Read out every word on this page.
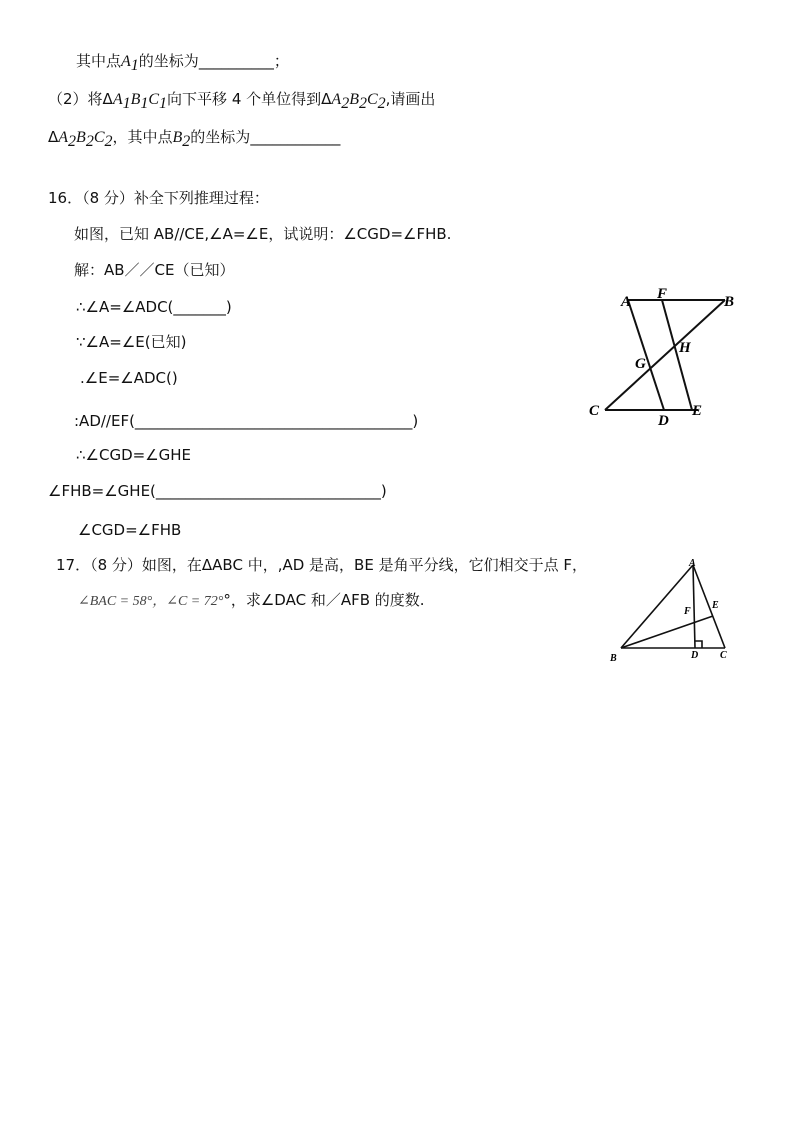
其中点$A_1$的坐标为__________；
（2）将$\Delta A_1B_1C_1$向下平移 4 个单位得到$\Delta A_2B_2C_2$,请画出
$\Delta A_2B_2C_2$，其中点$B_2$的坐标为____________
16．（8 分）补全下列推理过程：
如图，已知 AB//CE,∠A=∠E，试说明：∠CGD=∠FHB.
解：AB／／CE（已知）
∴∠A=∠ADC(_______)
∵∠A=∠E(已知)
.∠E=∠ADC()
:AD//EF(_____________________________________)
∴∠CGD=∠GHE
∠FHB=∠GHE(______________________________)
∠CGD=∠FHB
A F	B
G
H
C
D
E
17．（8 分）如图，在ΔABC 中，,AD 是高，BE 是角平分线，它们相交于点 F，
∠BAC = 58°，∠C = 72°°，求∠DAC 和／AFB 的度数.
A
B	C
D
E
F
